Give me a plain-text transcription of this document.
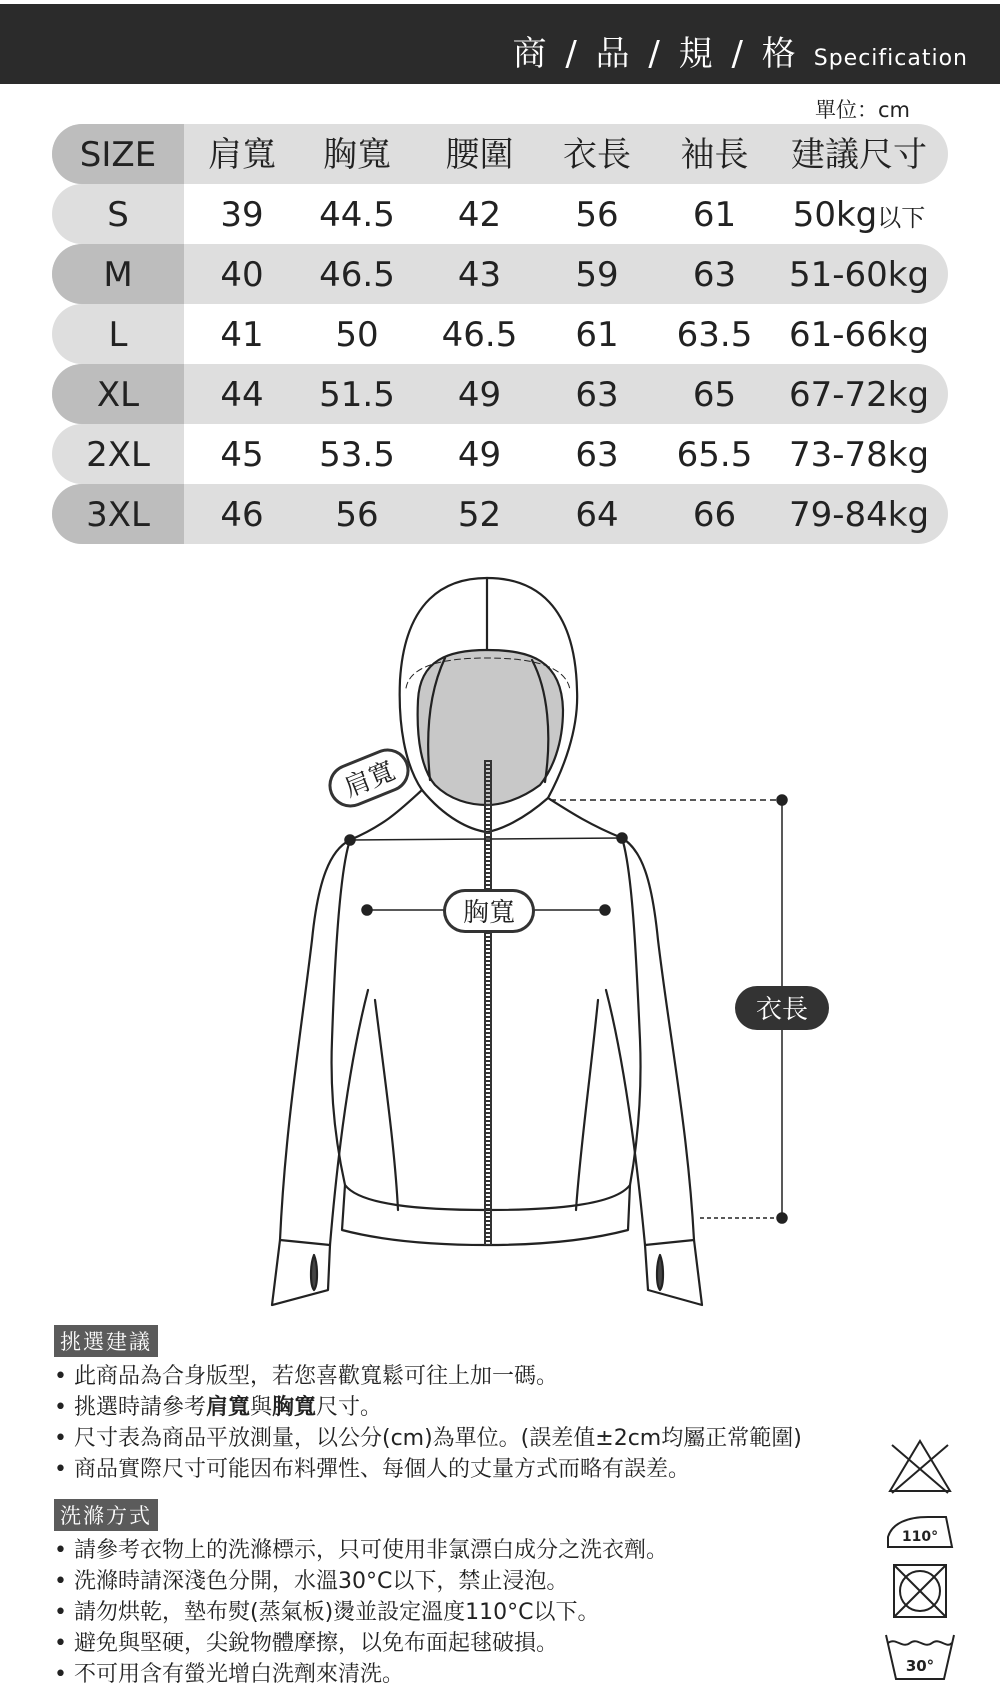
商 / 品 / 規 / 格 Specification
單位：cm
SIZE	肩寬	胸寬	腰圍	衣長	袖長	建議尺寸
S	39	44.5	42	56	61	50kg以下
M	40	46.5	43	59	63	51-60kg
L	41	50	46.5	61	63.5	61-66kg
XL	44	51.5	49	63	65	67-72kg
2XL	45	53.5	49	63	65.5	73-78kg
3XL	46	56	52	64	66	79-84kg
肩寬
胸寬
衣長
挑選建議
• 此商品為合身版型，若您喜歡寬鬆可往上加一碼。
• 挑選時請參考肩寬與胸寬尺寸。
• 尺寸表為商品平放測量，以公分(cm)為單位。(誤差值±2cm均屬正常範圍)
• 商品實際尺寸可能因布料彈性、每個人的丈量方式而略有誤差。
洗滌方式
• 請參考衣物上的洗滌標示，只可使用非氯漂白成分之洗衣劑。
• 洗滌時請深淺色分開，水溫30°C以下，禁止浸泡。
• 請勿烘乾，墊布熨(蒸氣板)燙並設定溫度110°C以下。
• 避免與堅硬，尖銳物體摩擦，以免布面起毬破損。
• 不可用含有螢光增白洗劑來清洗。
110°
30°
